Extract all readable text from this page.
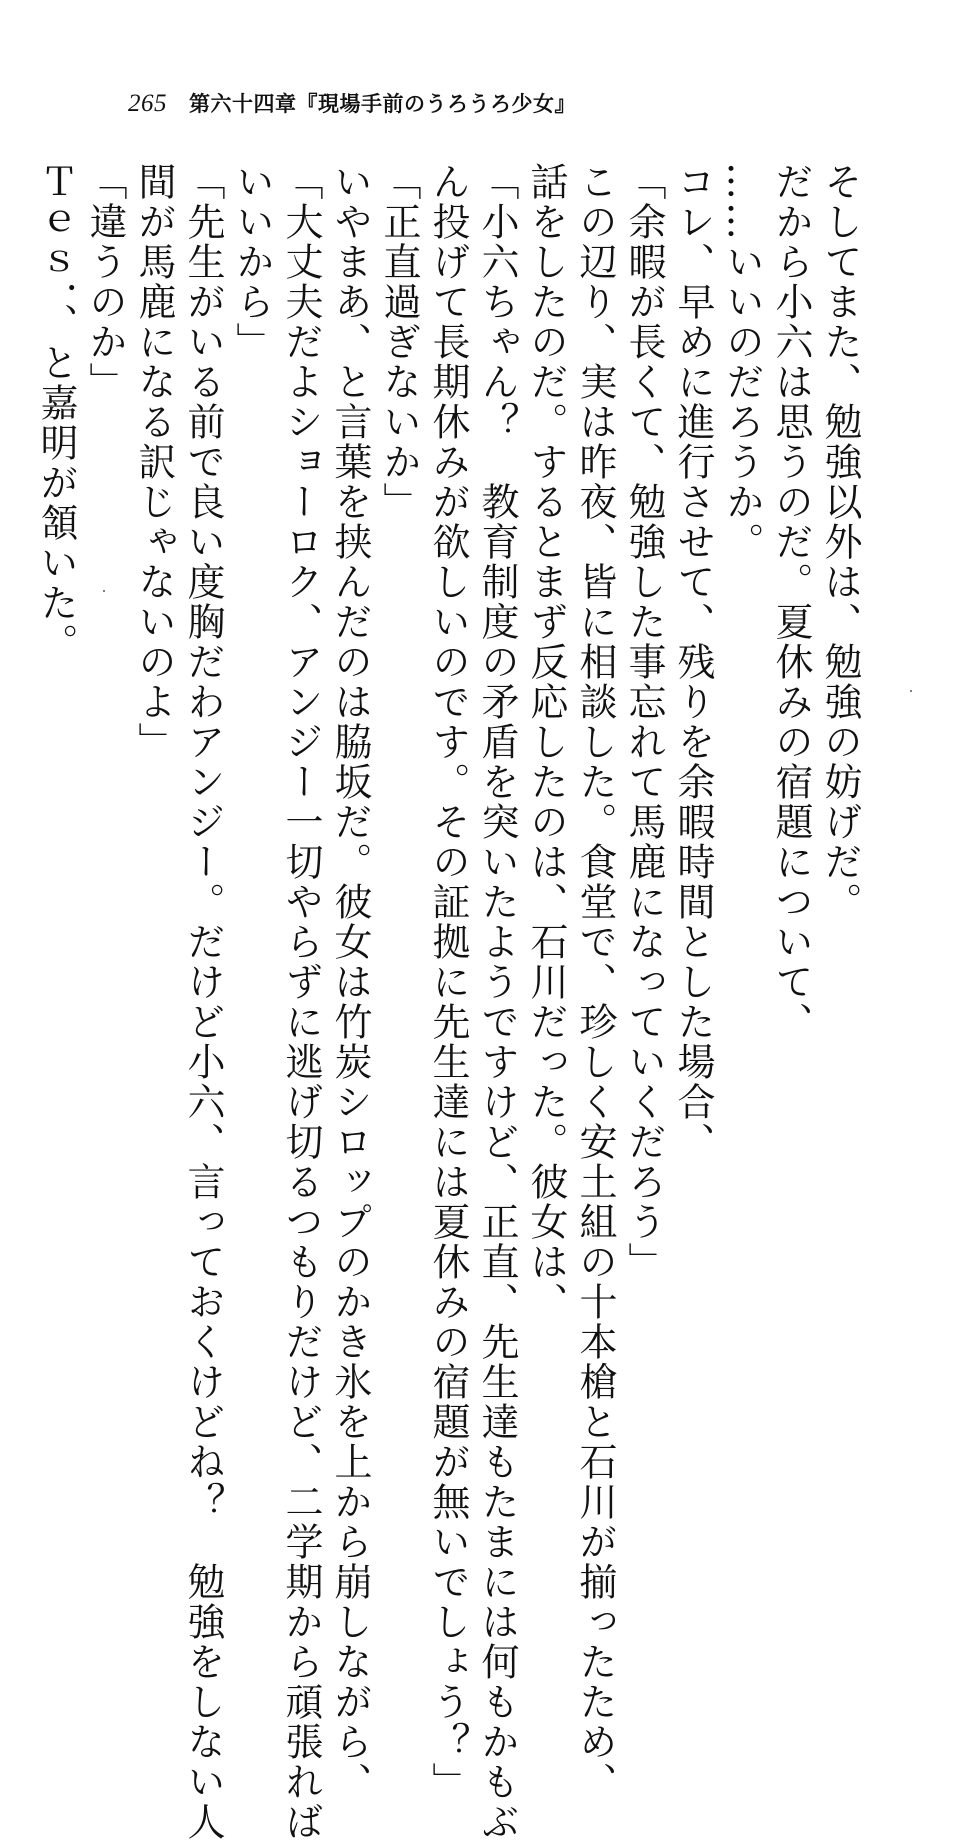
265 第六十四章『現場手前のうろうろ少女』
そしてまた、勉強以外は、勉強の妨げだ。
だから小六は思うのだ。夏休みの宿題について、
……いいのだろうか。
コレ、早めに進行させて、残りを余暇時間とした場合、
「余暇が長くて、勉強した事忘れて馬鹿になっていくだろう」
この辺り、実は昨夜、皆に相談した。食堂で、珍しく安土組の十本槍と石川が揃ったため、
話をしたのだ。するとまず反応したのは、石川だった。彼女は、
「小六ちゃん？　教育制度の矛盾を突いたようですけど、正直、先生達もたまには何もかもぶ
ん投げて長期休みが欲しいのです。その証拠に先生達には夏休みの宿題が無いでしょう？」
「正直過ぎないか」
いやまあ、と言葉を挟んだのは脇坂だ。彼女は竹炭シロップのかき氷を上から崩しながら、
「大丈夫だよショーロク、アンジー一切やらずに逃げ切るつもりだけど、二学期から頑張れば
いいから」
「先生がいる前で良い度胸だわアンジー。だけど小六、言っておくけどね？　勉強をしない人
間が馬鹿になる訳じゃないのよ」
「違うのか」
Ｔｅｓ．、と嘉明が頷いた。
